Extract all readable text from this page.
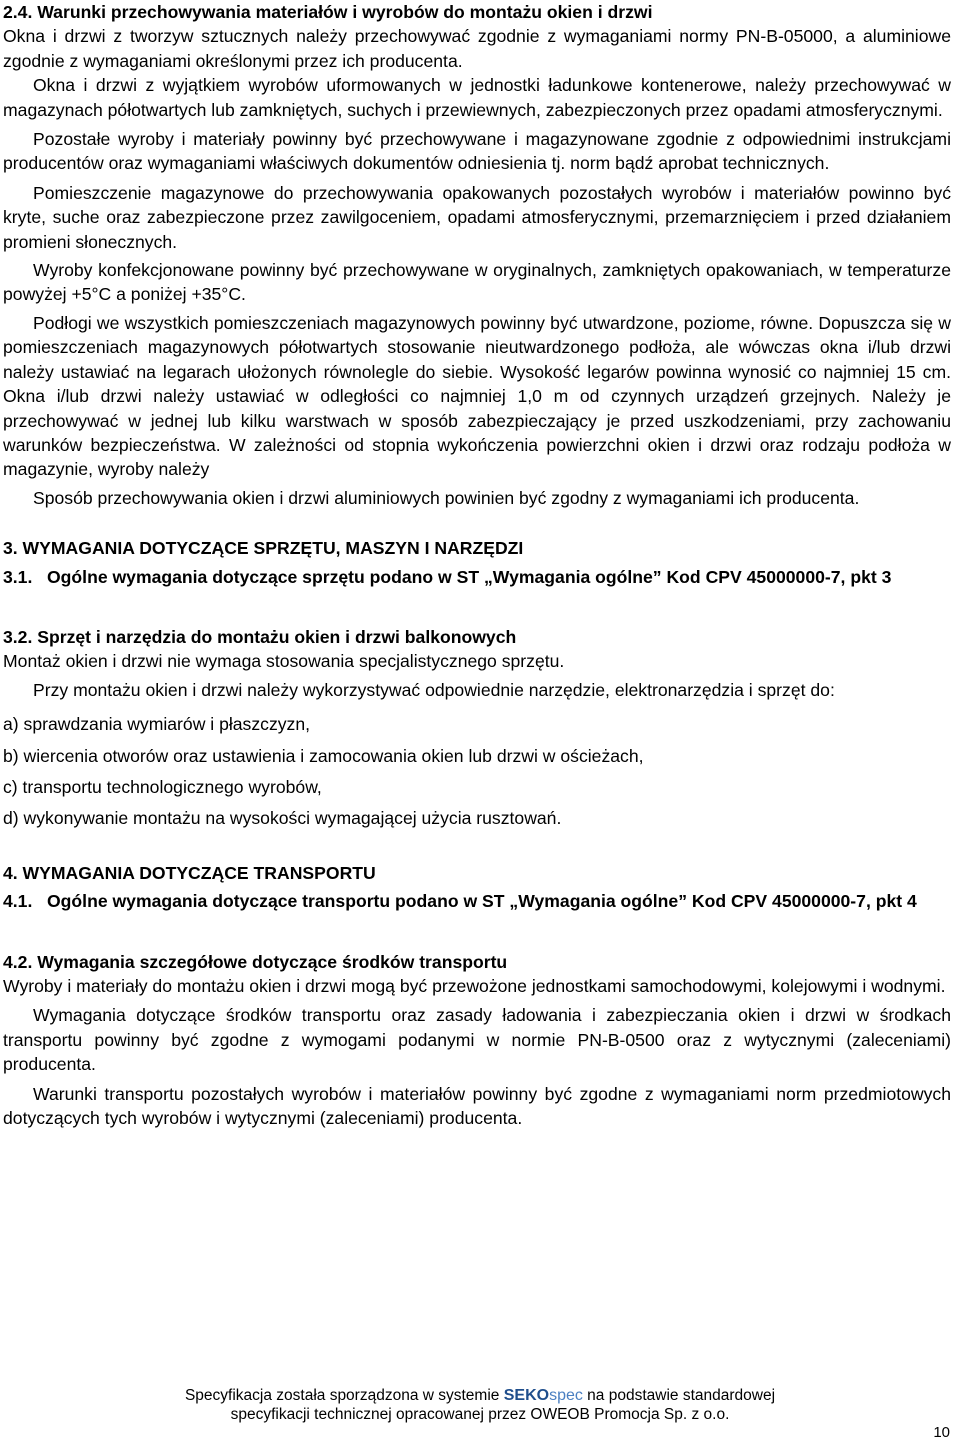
2.4. Warunki przechowywania materiałów i wyrobów do montażu okien i drzwi

Okna i drzwi z tworzyw sztucznych należy przechowywać zgodnie z wymaganiami normy PN-B-05000, a aluminiowe zgodnie z wymaganiami określonymi przez ich producenta.

Okna i drzwi z wyjątkiem wyrobów uformowanych w jednostki ładunkowe kontenerowe, należy przechowywać w magazynach półotwartych lub zamkniętych, suchych i przewiewnych, zabezpieczonych przez opadami atmosferycznymi.

Pozostałe wyroby i materiały powinny być przechowywane i magazynowane zgodnie z odpowiednimi instrukcjami producentów oraz wymaganiami właściwych dokumentów odniesienia tj. norm bądź aprobat technicznych.

Pomieszczenie magazynowe do przechowywania opakowanych pozostałych wyrobów i materiałów powinno być kryte, suche oraz zabezpieczone przez zawilgoceniem, opadami atmosferycznymi, przemarznięciem i przed działaniem promieni słonecznych.

Wyroby konfekcjonowane powinny być przechowywane w oryginalnych, zamkniętych opakowaniach, w temperaturze powyżej +5°C a poniżej +35°C.

Podłogi we wszystkich pomieszczeniach magazynowych powinny być utwardzone, poziome, równe. Dopuszcza się w pomieszczeniach magazynowych półotwartych stosowanie nieutwardzonego podłoża, ale wówczas okna i/lub drzwi należy ustawiać na legarach ułożonych równolegle do siebie. Wysokość legarów powinna wynosić co najmniej 15 cm. Okna i/lub drzwi należy ustawiać w odległości co najmniej 1,0 m od czynnych urządzeń grzejnych. Należy je przechowywać w jednej lub kilku warstwach w sposób zabezpieczający je przed uszkodzeniami, przy zachowaniu warunków bezpieczeństwa. W zależności od stopnia wykończenia powierzchni okien i drzwi oraz rodzaju podłoża w magazynie, wyroby należy

Sposób przechowywania okien i drzwi aluminiowych powinien być zgodny z wymaganiami ich producenta.

3. WYMAGANIA DOTYCZĄCE SPRZĘTU, MASZYN I NARZĘDZI

3.1. Ogólne wymagania dotyczące sprzętu podano w ST „Wymagania ogólne” Kod CPV 45000000-7, pkt 3

3.2. Sprzęt i narzędzia do montażu okien i drzwi balkonowych

Montaż okien i drzwi nie wymaga stosowania specjalistycznego sprzętu.

Przy montażu okien i drzwi należy wykorzystywać odpowiednie narzędzie, elektronarzędzia i sprzęt do:

a) sprawdzania wymiarów i płaszczyzn,

b) wiercenia otworów oraz ustawienia i zamocowania okien lub drzwi w ościeżach,

c) transportu technologicznego wyrobów,

d) wykonywanie montażu na wysokości wymagającej użycia rusztowań.

4. WYMAGANIA DOTYCZĄCE TRANSPORTU

4.1. Ogólne wymagania dotyczące transportu podano w ST „Wymagania ogólne” Kod CPV 45000000-7, pkt 4

4.2. Wymagania szczegółowe dotyczące środków transportu

Wyroby i materiały do montażu okien i drzwi mogą być przewożone jednostkami samochodowymi, kolejowymi i wodnymi.

Wymagania dotyczące środków transportu oraz zasady ładowania i zabezpieczania okien i drzwi w środkach transportu powinny być zgodne z wymogami podanymi w normie PN-B-0500 oraz z wytycznymi (zaleceniami) producenta.

Warunki transportu pozostałych wyrobów i materiałów powinny być zgodne z wymaganiami norm przedmiotowych dotyczących tych wyrobów i wytycznymi (zaleceniami) producenta.

Specyfikacja została sporządzona w systemie SEKOspec na podstawie standardowej
specyfikacji technicznej opracowanej przez OWEOB Promocja Sp. z o.o.
10
